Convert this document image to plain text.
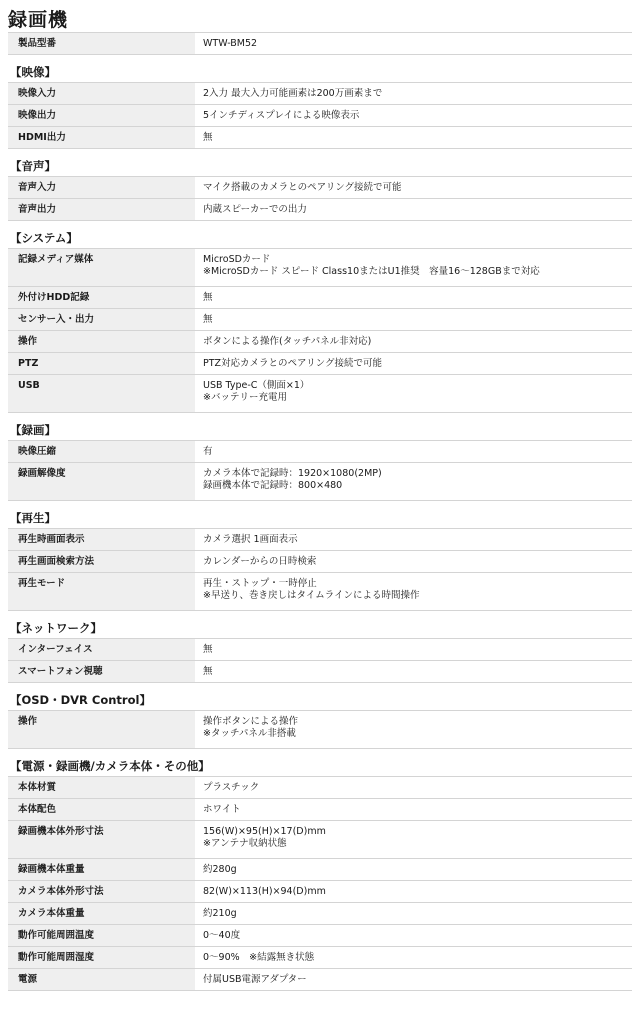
録画機
製品型番	WTW-BM52
【映像】
映像入力	2入力 最大入力可能画素は200万画素まで
映像出力	5インチディスプレイによる映像表示
HDMI出力	無
【音声】
音声入力	マイク搭載のカメラとのペアリング接続で可能
音声出力	内蔵スピーカーでの出力
【システム】
記録メディア媒体	MicroSDカード
※MicroSDカード スピード Class10またはU1推奨　容量16～128GBまで対応
外付けHDD記録	無
センサー入・出力	無
操作	ボタンによる操作(タッチパネル非対応)
PTZ	PTZ対応カメラとのペアリング接続で可能
USB	USB Type-C（側面×1）
※バッテリー充電用
【録画】
映像圧縮	有
録画解像度	カメラ本体で記録時：1920×1080(2MP)
録画機本体で記録時：800×480
【再生】
再生時画面表示	カメラ選択 1画面表示
再生画面検索方法	カレンダーからの日時検索
再生モード	再生・ストップ・一時停止
※早送り、巻き戻しはタイムラインによる時間操作
【ネットワーク】
インターフェイス	無
スマートフォン視聴	無
【OSD・DVR Control】
操作	操作ボタンによる操作
※タッチパネル非搭載
【電源・録画機/カメラ本体・その他】
本体材質	プラスチック
本体配色	ホワイト
録画機本体外形寸法	156(W)×95(H)×17(D)mm
※アンテナ収納状態
録画機本体重量	約280g
カメラ本体外形寸法	82(W)×113(H)×94(D)mm
カメラ本体重量	約210g
動作可能周囲温度	0～40度
動作可能周囲湿度	0～90%　※結露無き状態
電源	付属USB電源アダプター
